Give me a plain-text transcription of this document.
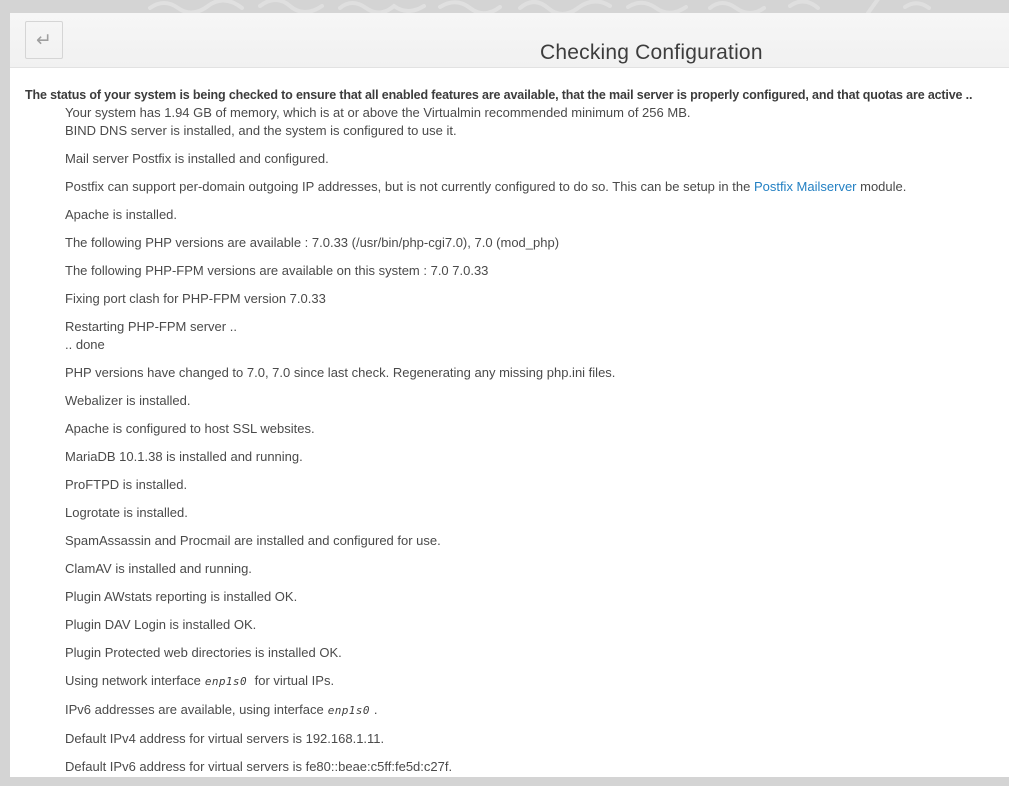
↵
Checking Configuration
The status of your system is being checked to ensure that all enabled features are available, that the mail server is properly configured, and that quotas are active ..
Your system has 1.94 GB of memory, which is at or above the Virtualmin recommended minimum of 256 MB.
BIND DNS server is installed, and the system is configured to use it.
Mail server Postfix is installed and configured.
Postfix can support per-domain outgoing IP addresses, but is not currently configured to do so. This can be setup in the Postfix Mailserver module.
Apache is installed.
The following PHP versions are available : 7.0.33 (/usr/bin/php-cgi7.0), 7.0 (mod_php)
The following PHP-FPM versions are available on this system : 7.0 7.0.33
Fixing port clash for PHP-FPM version 7.0.33
Restarting PHP-FPM server ..
.. done
PHP versions have changed to 7.0, 7.0 since last check. Regenerating any missing php.ini files.
Webalizer is installed.
Apache is configured to host SSL websites.
MariaDB 10.1.38 is installed and running.
ProFTPD is installed.
Logrotate is installed.
SpamAssassin and Procmail are installed and configured for use.
ClamAV is installed and running.
Plugin AWstats reporting is installed OK.
Plugin DAV Login is installed OK.
Plugin Protected web directories is installed OK.
Using network interface enp1s0 for virtual IPs.
IPv6 addresses are available, using interface enp1s0 .
Default IPv4 address for virtual servers is 192.168.1.11.
Default IPv6 address for virtual servers is fe80::beae:c5ff:fe5d:c27f.
